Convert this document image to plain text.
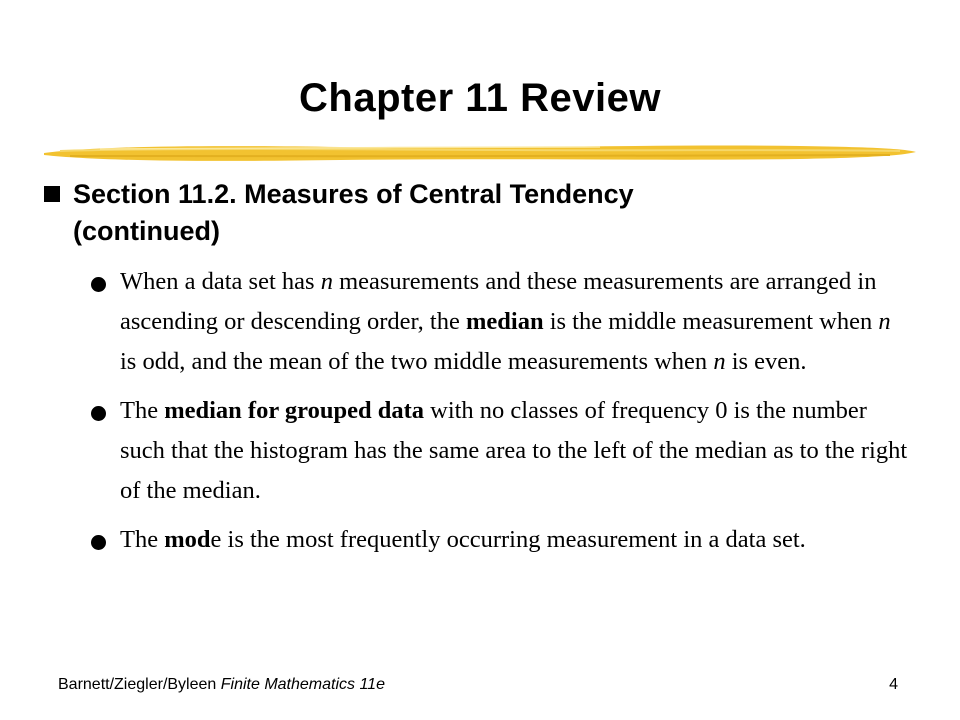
Chapter 11 Review
Section 11.2. Measures of Central Tendency
(continued)
When a data set has n measurements and these measurements are arranged in ascending or descending order, the median is the middle measurement when n is odd, and the mean of the two middle measurements when n is even.
The median for grouped data with no classes of frequency 0 is the number such that the histogram has the same area to the left of the median as to the right of the median.
The mode is the most frequently occurring measurement in a data set.
Barnett/Ziegler/Byleen Finite Mathematics 11e	4
